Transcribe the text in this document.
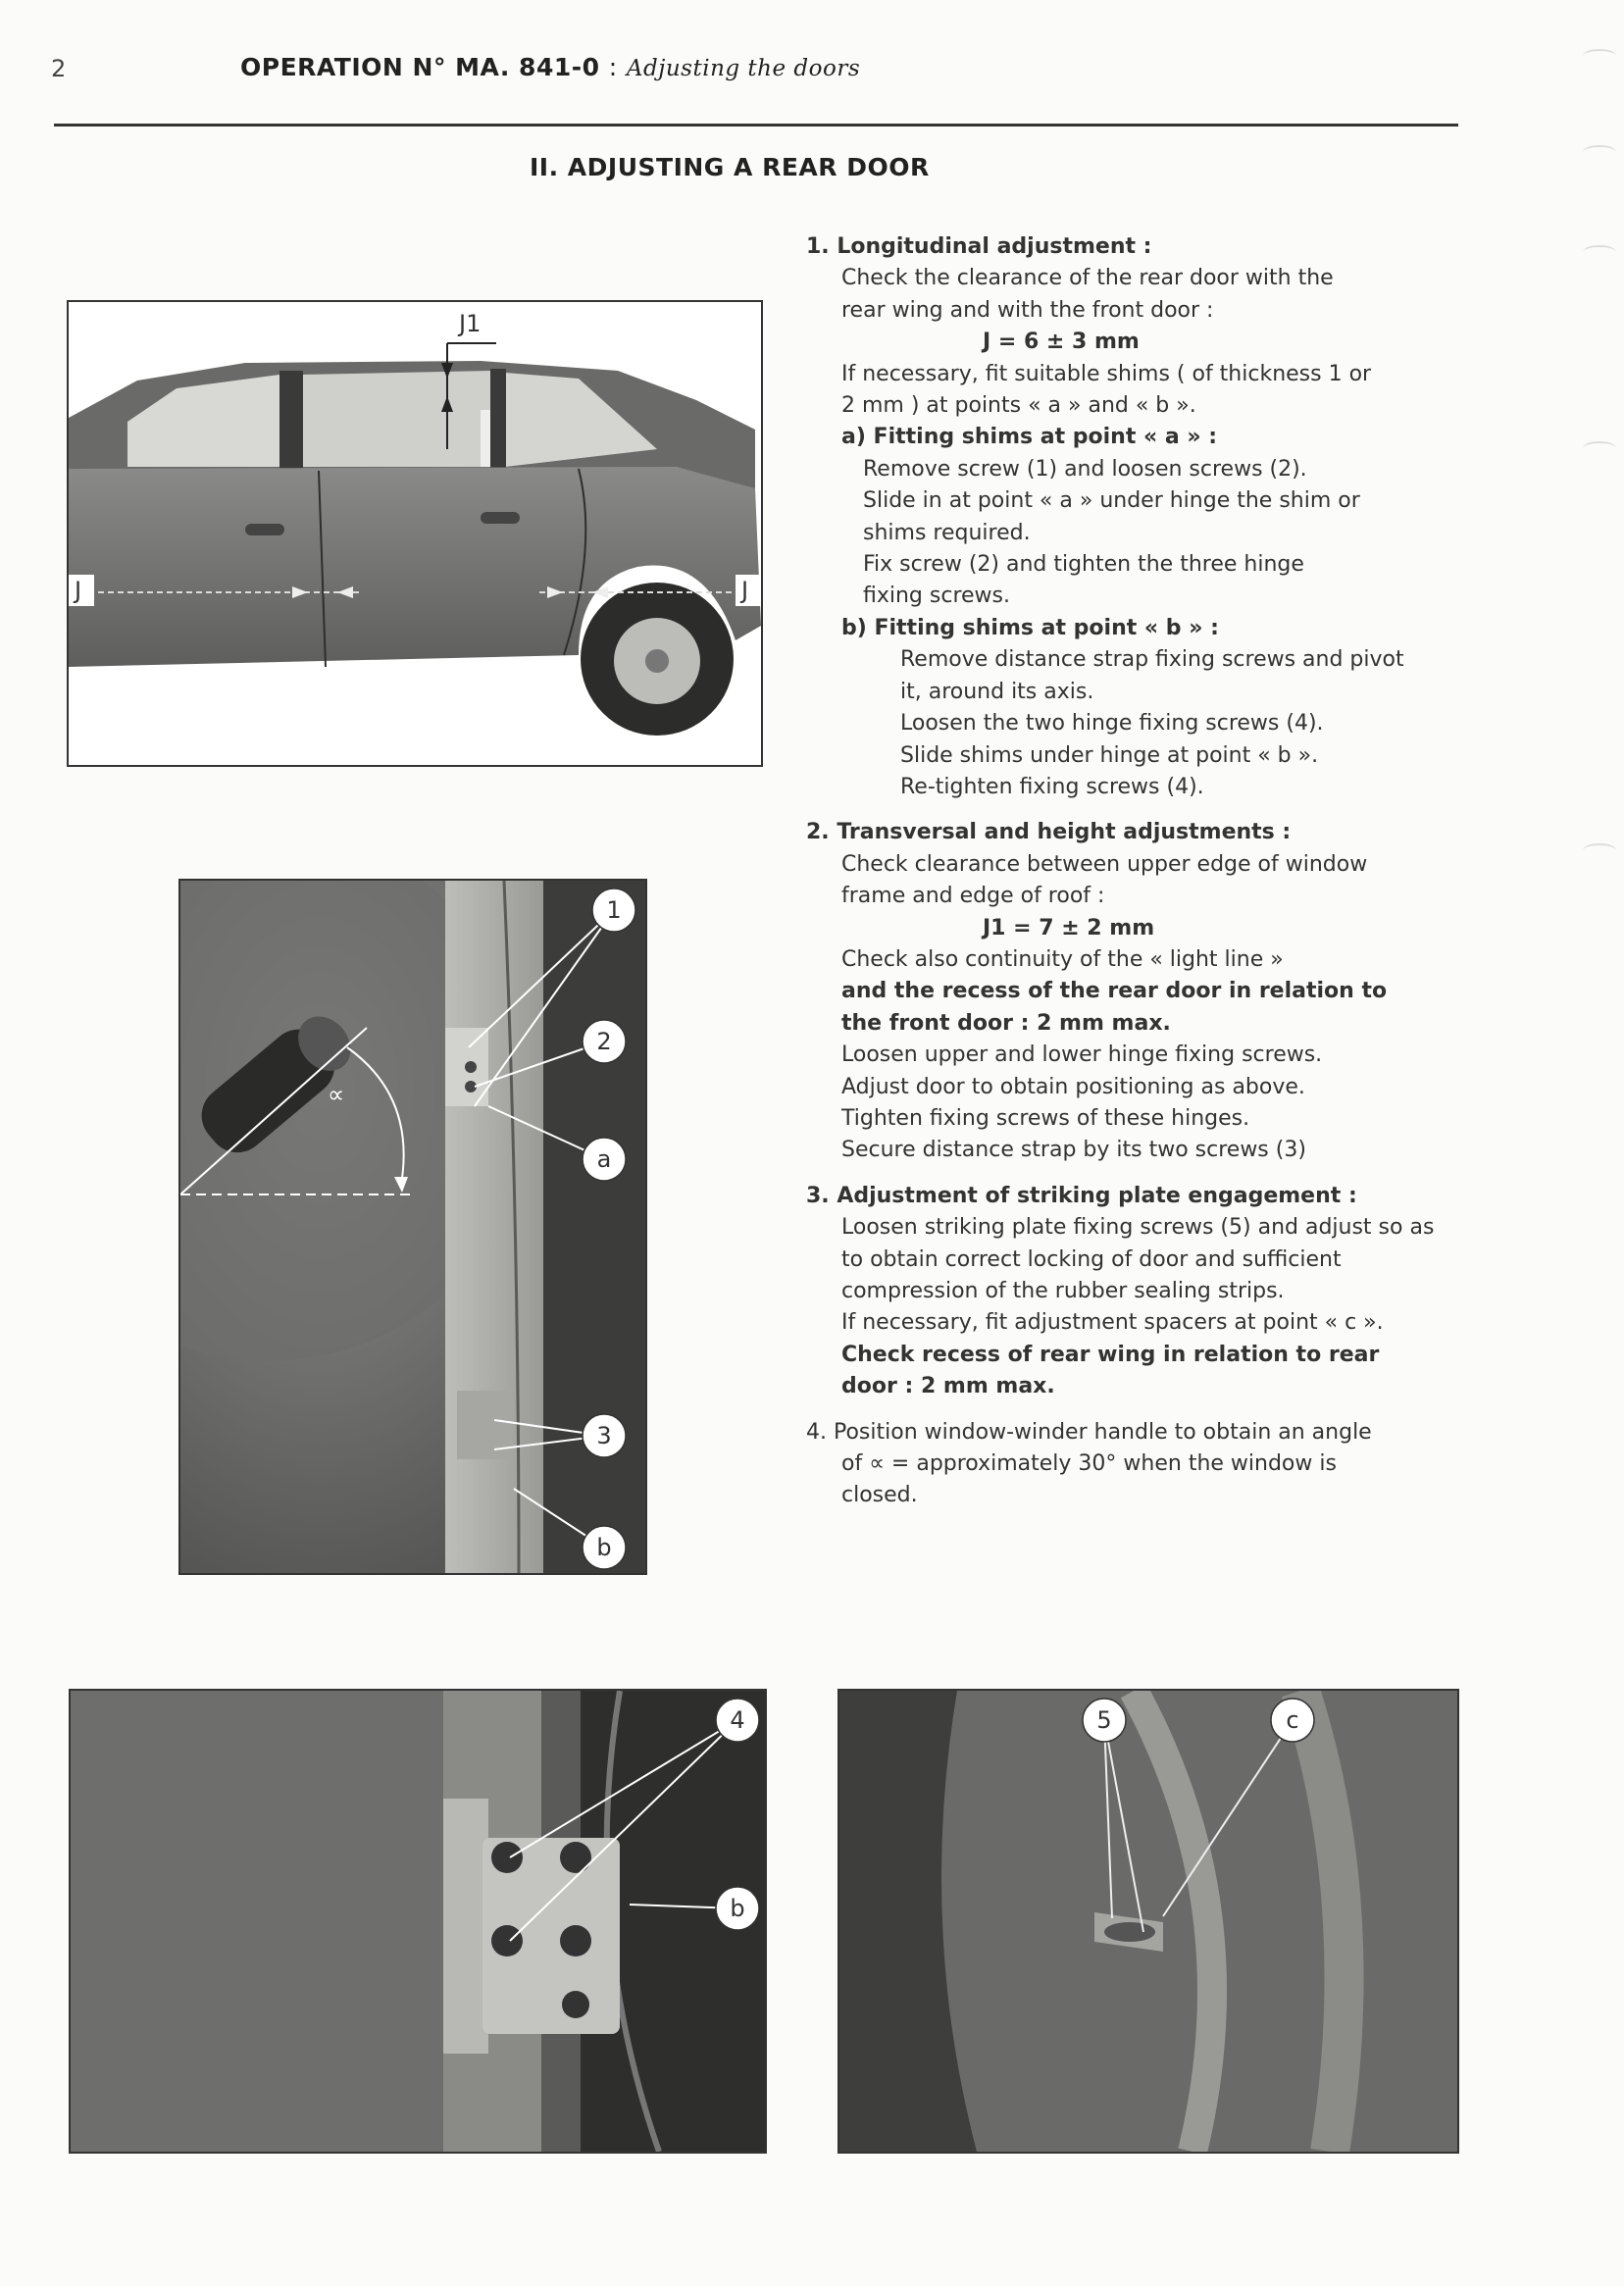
2	OPERATION N° MA. 841-0 : Adjusting the doors
II. ADJUSTING A REAR DOOR
1. Longitudinal adjustment :
Check the clearance of the rear door with the
rear wing and with the front door :
J = 6 ± 3 mm
If necessary, fit suitable shims ( of thickness 1 or
2 mm ) at points « a » and « b ».
a) Fitting shims at point « a » :
Remove screw (1) and loosen screws (2).
Slide in at point « a » under hinge the shim or
shims required.
Fix screw (2) and tighten the three hinge
fixing screws.
b) Fitting shims at point « b » :
Remove distance strap fixing screws and pivot
it, around its axis.
Loosen the two hinge fixing screws (4).
Slide shims under hinge at point « b ».
Re-tighten fixing screws (4).
2. Transversal and height adjustments :
Check clearance between upper edge of window
frame and edge of roof :
J1 = 7 ± 2 mm
Check also continuity of the « light line »
and the recess of the rear door in relation to
the front door : 2 mm max.
Loosen upper and lower hinge fixing screws.
Adjust door to obtain positioning as above.
Tighten fixing screws of these hinges.
Secure distance strap by its two screws (3)
3. Adjustment of striking plate engagement :
Loosen striking plate fixing screws (5) and adjust so as
to obtain correct locking of door and sufficient
compression of the rubber sealing strips.
If necessary, fit adjustment spacers at point « c ».
Check recess of rear wing in relation to rear
door : 2 mm max.
4. Position window-winder handle to obtain an angle
of ∝ = approximately 30° when the window is
closed.
J1
J	J
∝
1
2
a
3
b
4
b
5	c
